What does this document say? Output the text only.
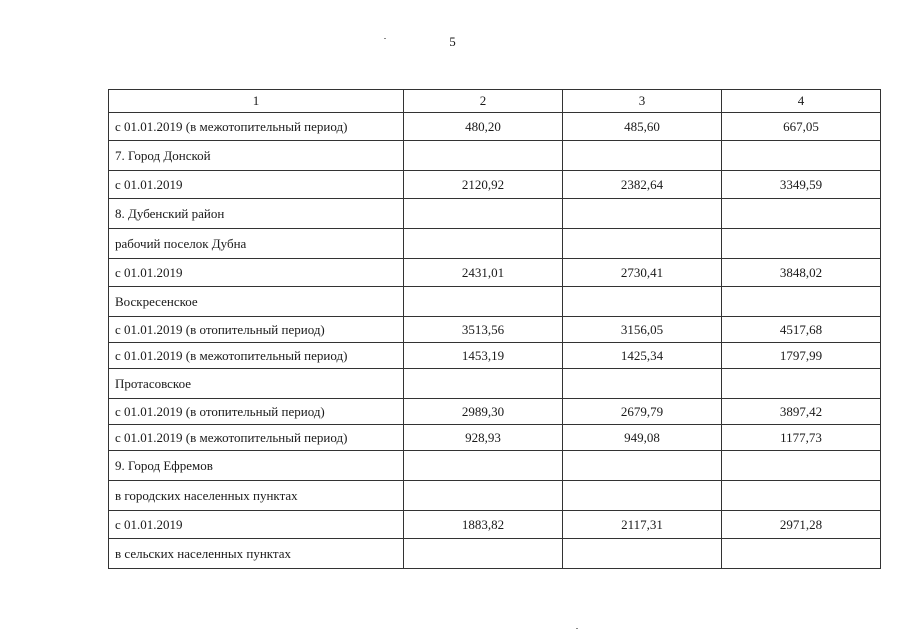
5
1	2	3	4
с 01.01.2019 (в межотопительный период)	480,20	485,60	667,05
7. Город Донской			
с 01.01.2019	2120,92	2382,64	3349,59
8. Дубенский район			
рабочий поселок Дубна			
с 01.01.2019	2431,01	2730,41	3848,02
Воскресенское			
с 01.01.2019 (в отопительный период)	3513,56	3156,05	4517,68
с 01.01.2019 (в межотопительный период)	1453,19	1425,34	1797,99
Протасовское			
с 01.01.2019 (в отопительный период)	2989,30	2679,79	3897,42
с 01.01.2019 (в межотопительный период)	928,93	949,08	1177,73
9. Город Ефремов			
в городских населенных пунктах			
с 01.01.2019	1883,82	2117,31	2971,28
в сельских населенных пунктах			
